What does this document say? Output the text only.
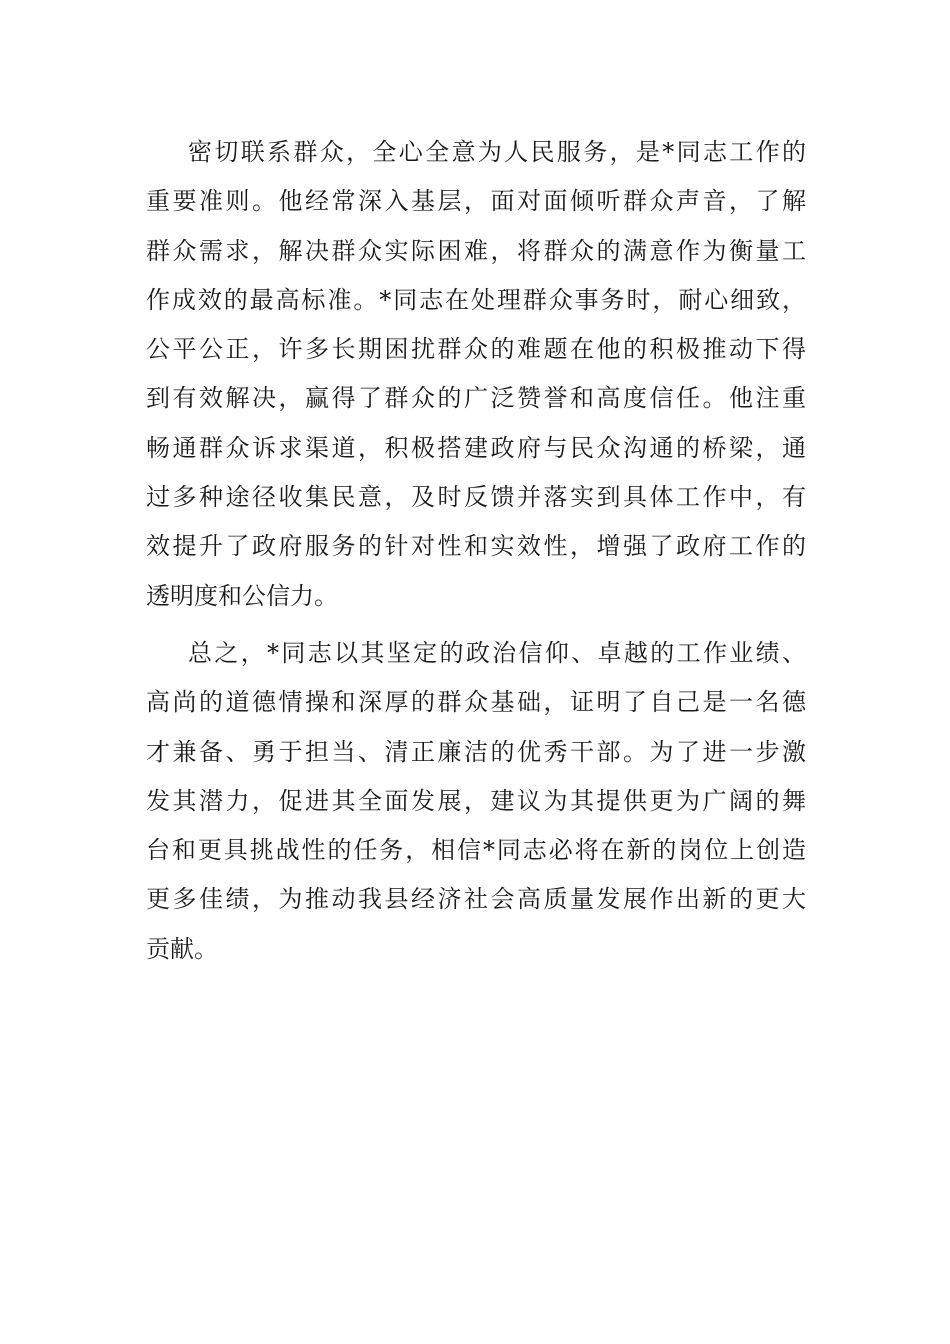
密切联系群众，全心全意为人民服务，是*同志工作的
重要准则。他经常深入基层，面对面倾听群众声音，了解
群众需求，解决群众实际困难，将群众的满意作为衡量工
作成效的最高标准。*同志在处理群众事务时，耐心细致，
公平公正，许多长期困扰群众的难题在他的积极推动下得
到有效解决，赢得了群众的广泛赞誉和高度信任。他注重
畅通群众诉求渠道，积极搭建政府与民众沟通的桥梁，通
过多种途径收集民意，及时反馈并落实到具体工作中，有
效提升了政府服务的针对性和实效性，增强了政府工作的
透明度和公信力。
总之，*同志以其坚定的政治信仰、卓越的工作业绩、
高尚的道德情操和深厚的群众基础，证明了自己是一名德
才兼备、勇于担当、清正廉洁的优秀干部。为了进一步激
发其潜力，促进其全面发展，建议为其提供更为广阔的舞
台和更具挑战性的任务，相信*同志必将在新的岗位上创造
更多佳绩，为推动我县经济社会高质量发展作出新的更大
贡献。
